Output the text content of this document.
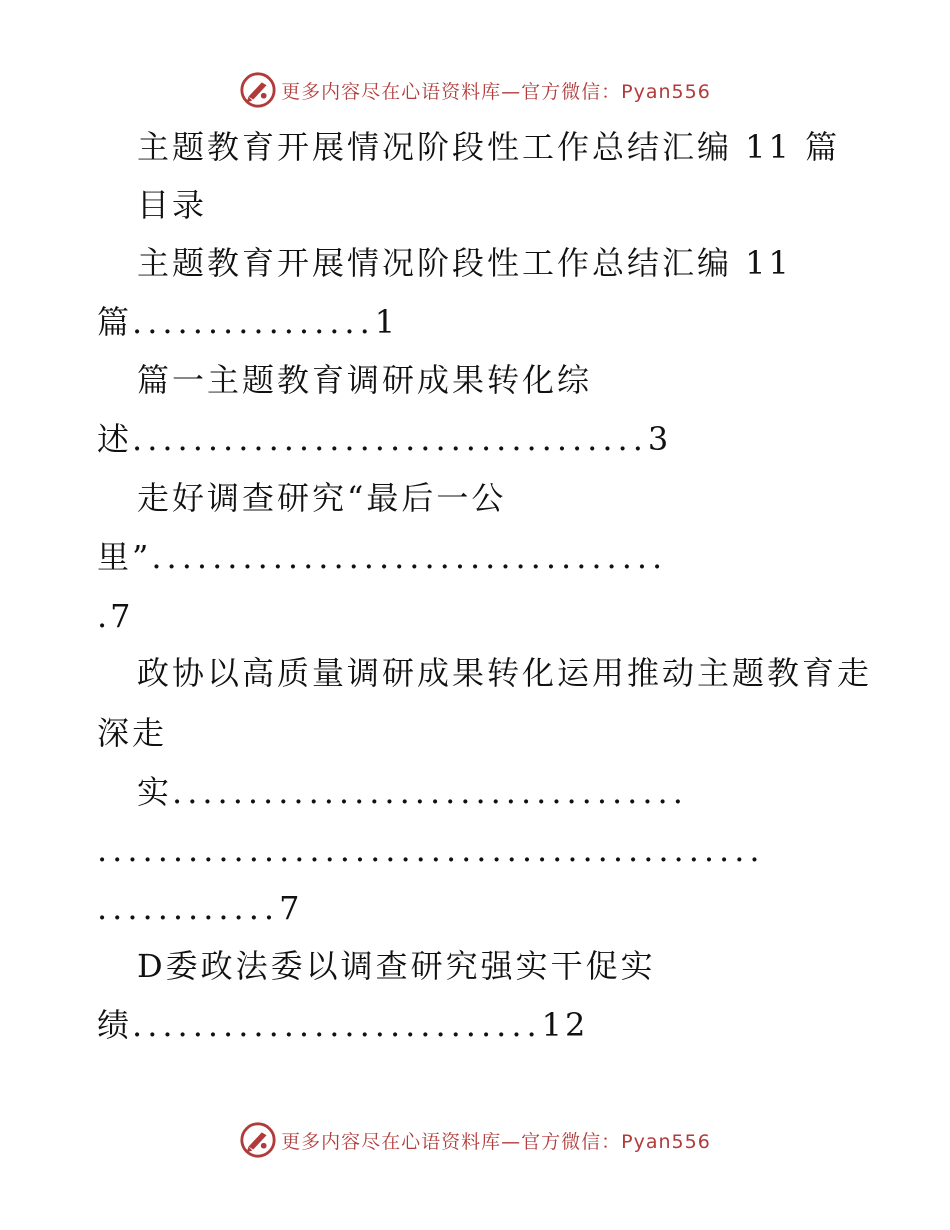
更多内容尽在心语资料库—官方微信：Pyan556
主题教育开展情况阶段性工作总结汇编 11 篇
目录
主题教育开展情况阶段性工作总结汇编 11
篇................1
篇一主题教育调研成果转化综
述..................................3
走好调查研究“最后一公
里”..................................
.7
政协以高质量调研成果转化运用推动主题教育走
深走
实..................................
............................................
............7
D委政法委以调查研究强实干促实
绩...........................12
更多内容尽在心语资料库—官方微信：Pyan556
